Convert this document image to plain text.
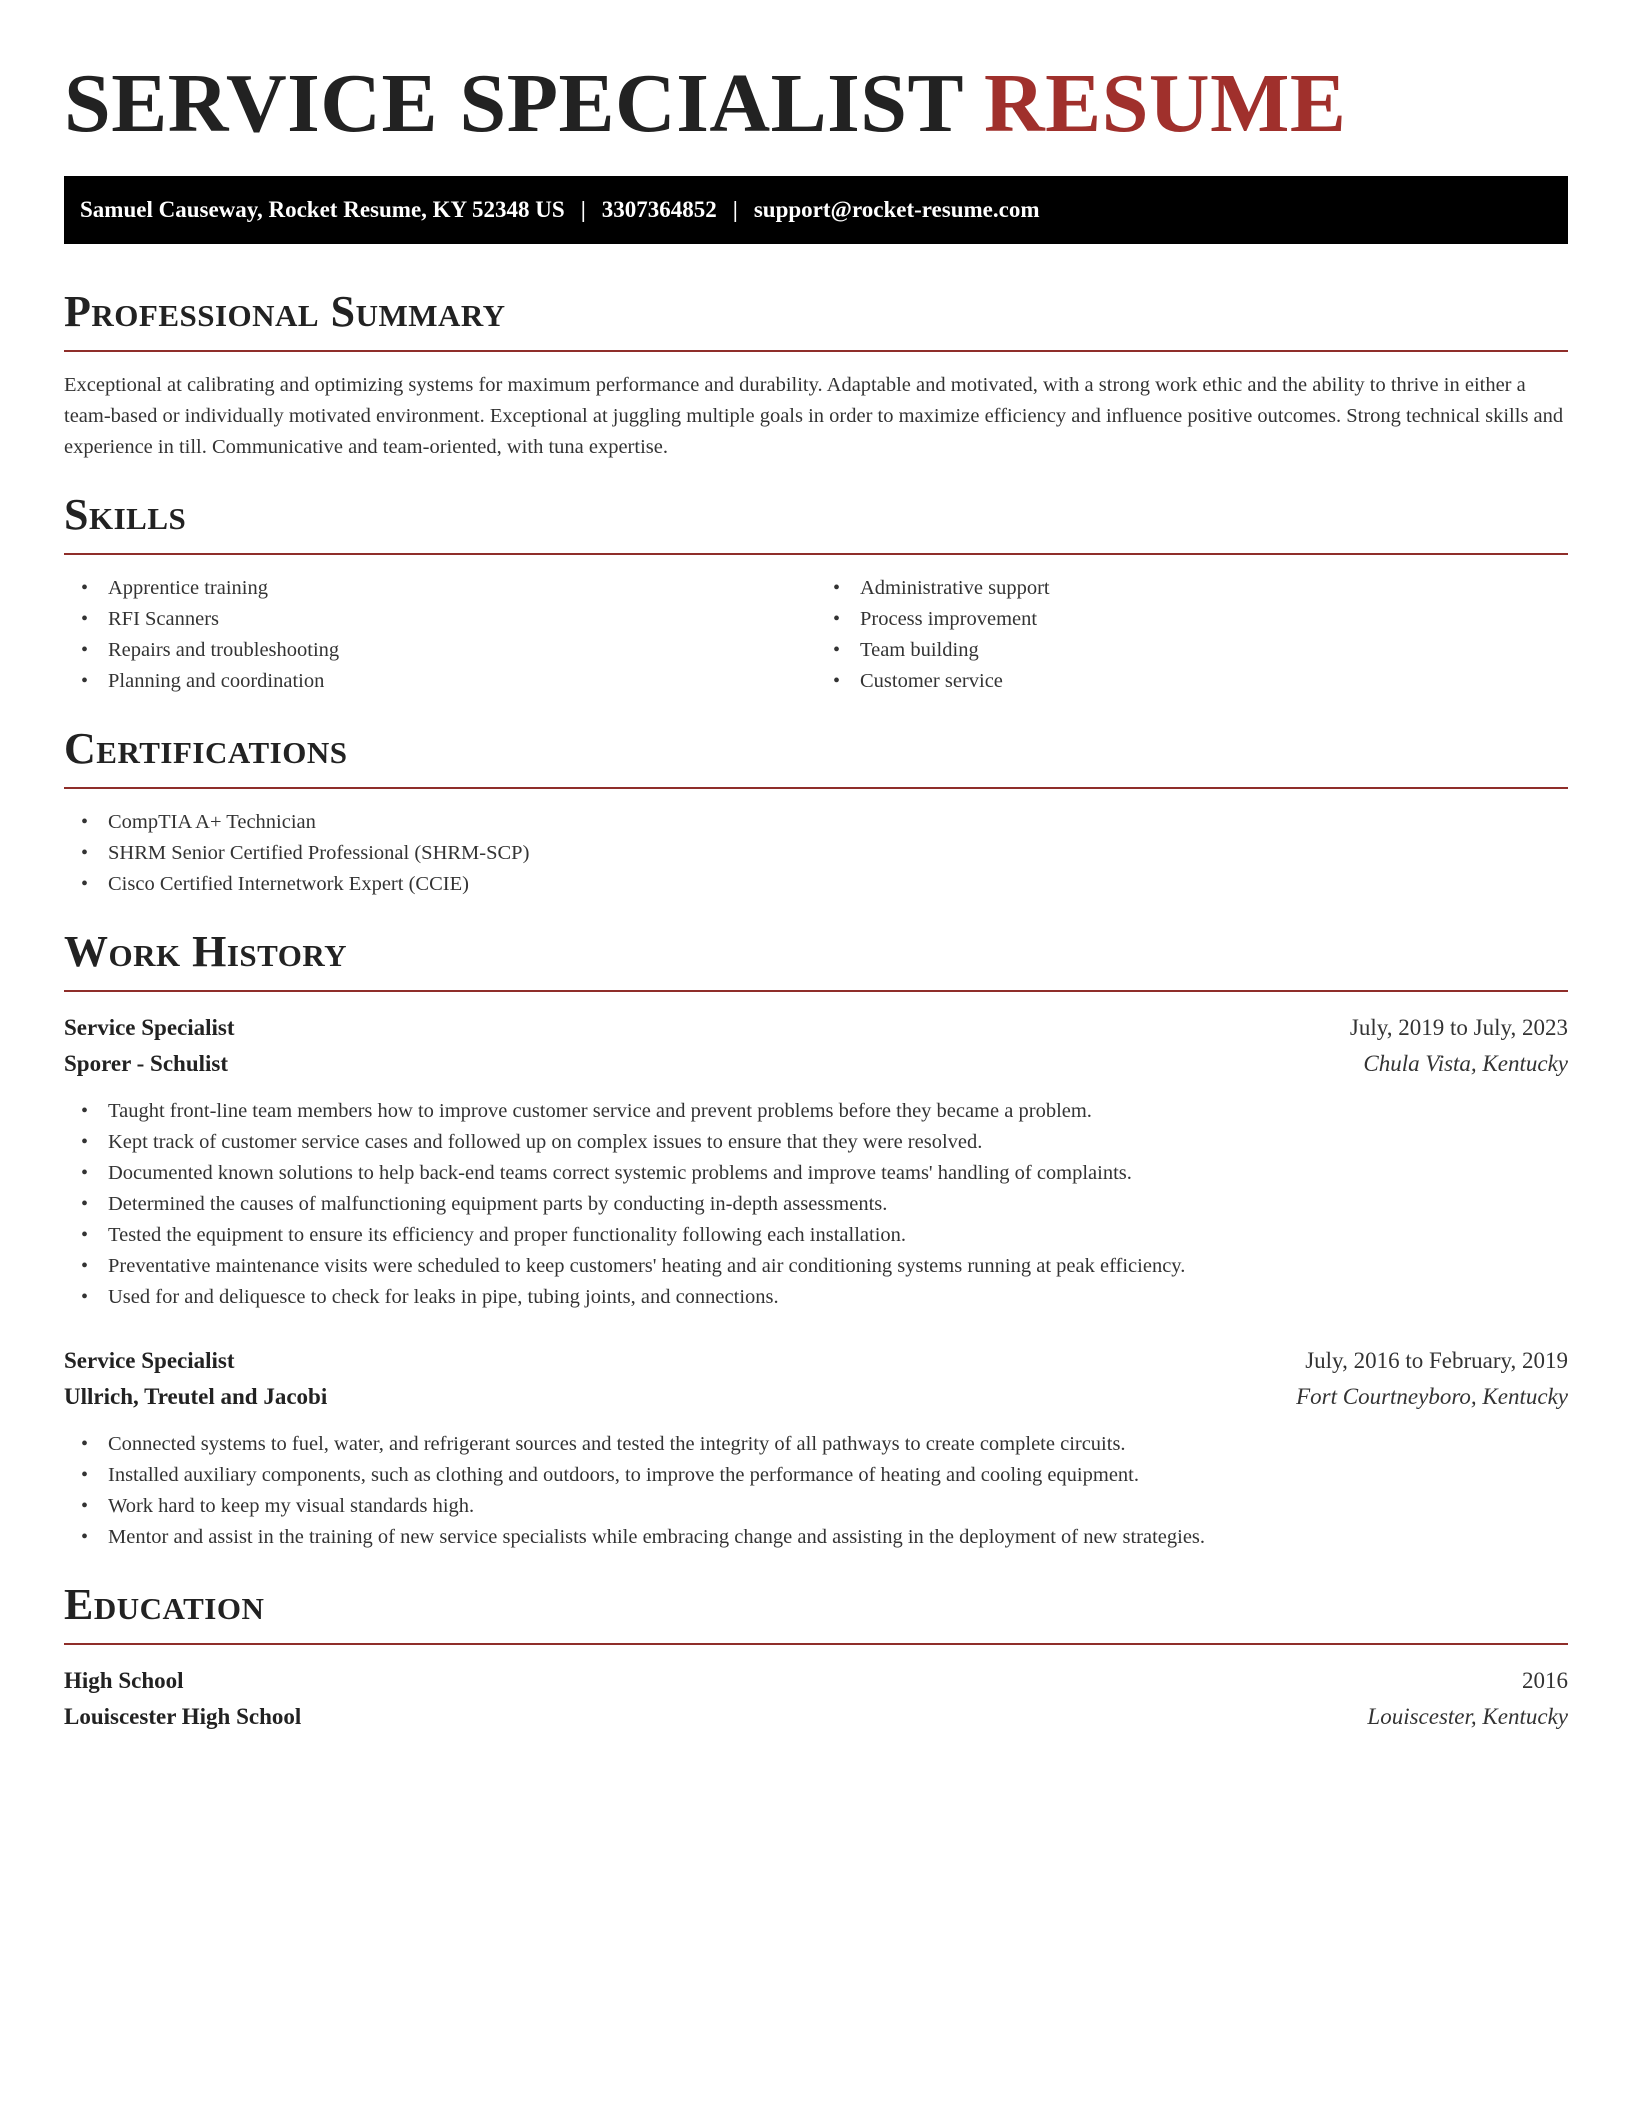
SERVICE SPECIALIST RESUME
Samuel Causeway, Rocket Resume, KY 52348 US | 3307364852 | support@rocket-resume.com
Professional Summary

Exceptional at calibrating and optimizing systems for maximum performance and durability. Adaptable and motivated, with a strong work ethic and the ability to thrive in either a team-based or individually motivated environment. Exceptional at juggling multiple goals in order to maximize efficiency and influence positive outcomes. Strong technical skills and experience in till. Communicative and team-oriented, with tuna expertise.

Skills
• Apprentice training
• RFI Scanners
• Repairs and troubleshooting
• Planning and coordination
• Administrative support
• Process improvement
• Team building
• Customer service
Certifications
• CompTIA A+ Technician
• SHRM Senior Certified Professional (SHRM-SCP)
• Cisco Certified Internetwork Expert (CCIE)
Work History
Service Specialist	July, 2019 to July, 2023
Sporer - Schulist	Chula Vista, Kentucky
• Taught front-line team members how to improve customer service and prevent problems before they became a problem.
• Kept track of customer service cases and followed up on complex issues to ensure that they were resolved.
• Documented known solutions to help back-end teams correct systemic problems and improve teams' handling of complaints.
• Determined the causes of malfunctioning equipment parts by conducting in-depth assessments.
• Tested the equipment to ensure its efficiency and proper functionality following each installation.
• Preventative maintenance visits were scheduled to keep customers' heating and air conditioning systems running at peak efficiency.
• Used for and deliquesce to check for leaks in pipe, tubing joints, and connections.
Service Specialist	July, 2016 to February, 2019
Ullrich, Treutel and Jacobi	Fort Courtneyboro, Kentucky
• Connected systems to fuel, water, and refrigerant sources and tested the integrity of all pathways to create complete circuits.
• Installed auxiliary components, such as clothing and outdoors, to improve the performance of heating and cooling equipment.
• Work hard to keep my visual standards high.
• Mentor and assist in the training of new service specialists while embracing change and assisting in the deployment of new strategies.
Education
High School	2016
Louiscester High School	Louiscester, Kentucky
